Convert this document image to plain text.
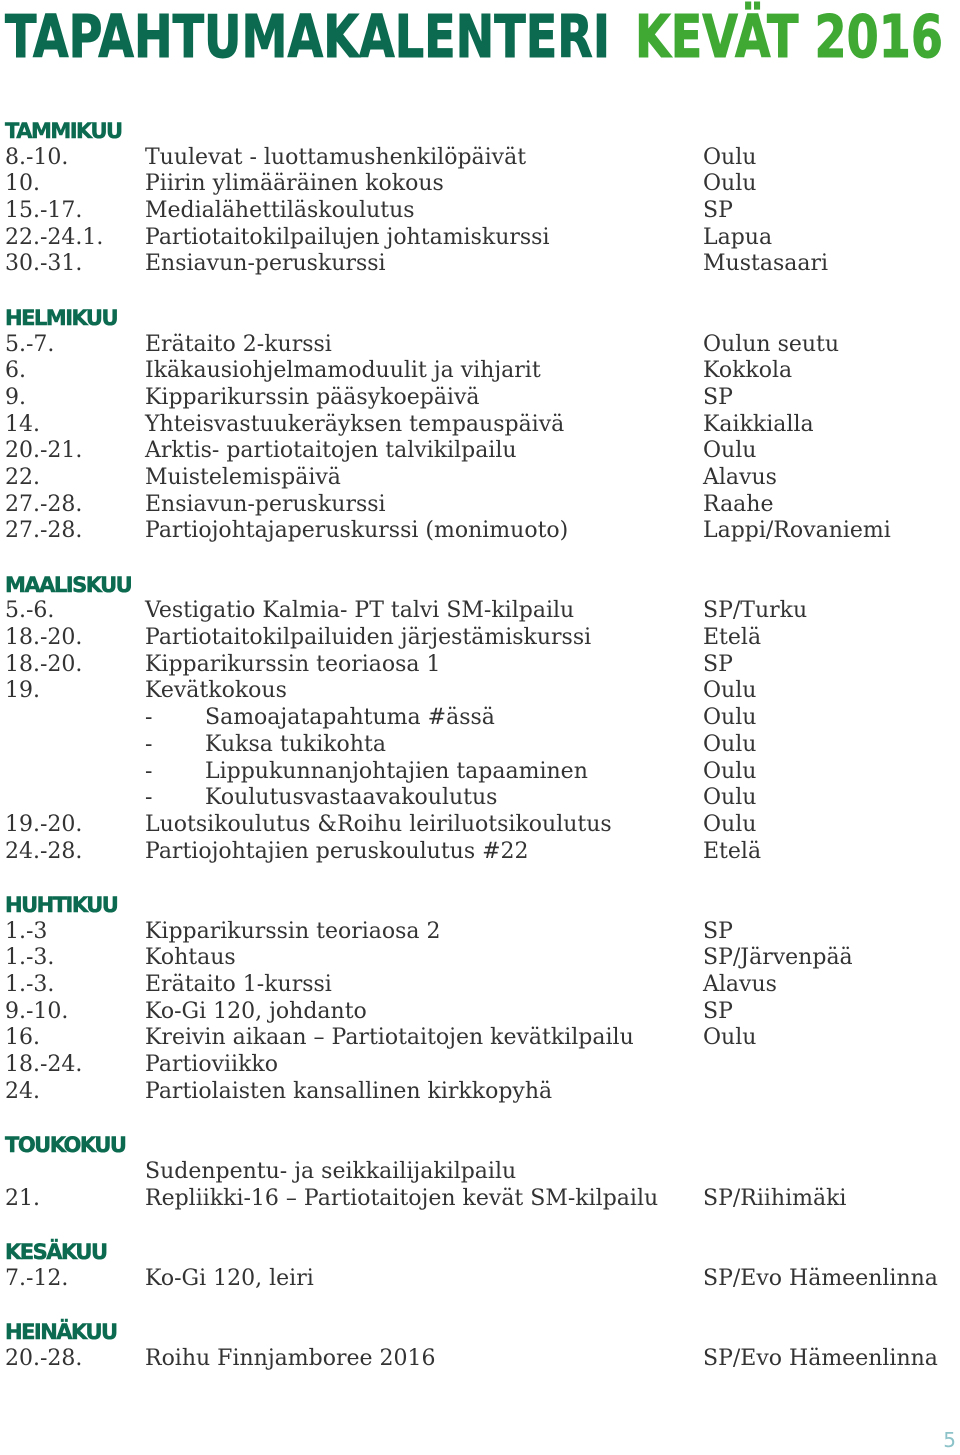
TAPAHTUMAKALENTERI KEVÄT 2016
TAMMIKUU
8.-10.	Tuulevat - luottamushenkilöpäivät	Oulu
10.	Piirin ylimääräinen kokous	Oulu
15.-17.	Medialähettiläskoulutus	SP
22.-24.1.	Partiotaitokilpailujen johtamiskurssi	Lapua
30.-31.	Ensiavun-peruskurssi	Mustasaari
HELMIKUU
5.-7.	Erätaito 2-kurssi	Oulun seutu
6.	Ikäkausiohjelmamoduulit ja vihjarit	Kokkola
9.	Kipparikurssin pääsykoepäivä	SP
14.	Yhteisvastuukeräyksen tempauspäivä	Kaikkialla
20.-21.	Arktis- partiotaitojen talvikilpailu	Oulu
22.	Muistelemispäivä	Alavus
27.-28.	Ensiavun-peruskurssi	Raahe
27.-28.	Partiojohtajaperuskurssi (monimuoto)	Lappi/Rovaniemi
MAALISKUU
5.-6.	Vestigatio Kalmia- PT talvi SM-kilpailu	SP/Turku
18.-20.	Partiotaitokilpailuiden järjestämiskurssi	Etelä
18.-20.	Kipparikurssin teoriaosa 1	SP
19.	Kevätkokous	Oulu
-	Samoajatapahtuma #ässä	Oulu
-	Kuksa tukikohta	Oulu
-	Lippukunnanjohtajien tapaaminen	Oulu
-	Koulutusvastaavakoulutus	Oulu
19.-20.	Luotsikoulutus &Roihu leiriluotsikoulutus	Oulu
24.-28.	Partiojohtajien peruskoulutus #22	Etelä
HUHTIKUU
1.-3	Kipparikurssin teoriaosa 2	SP
1.-3.	Kohtaus	SP/Järvenpää
1.-3.	Erätaito 1-kurssi	Alavus
9.-10.	Ko-Gi 120, johdanto	SP
16.	Kreivin aikaan – Partiotaitojen kevätkilpailu	Oulu
18.-24.	Partioviikko
24.	Partiolaisten kansallinen kirkkopyhä
TOUKOKUU
Sudenpentu- ja seikkailijakilpailu
21.	Repliikki-16 – Partiotaitojen kevät SM-kilpailu	SP/Riihimäki
KESÄKUU
7.-12.	Ko-Gi 120, leiri	SP/Evo Hämeenlinna
HEINÄKUU
20.-28.	Roihu Finnjamboree 2016	SP/Evo Hämeenlinna
5
